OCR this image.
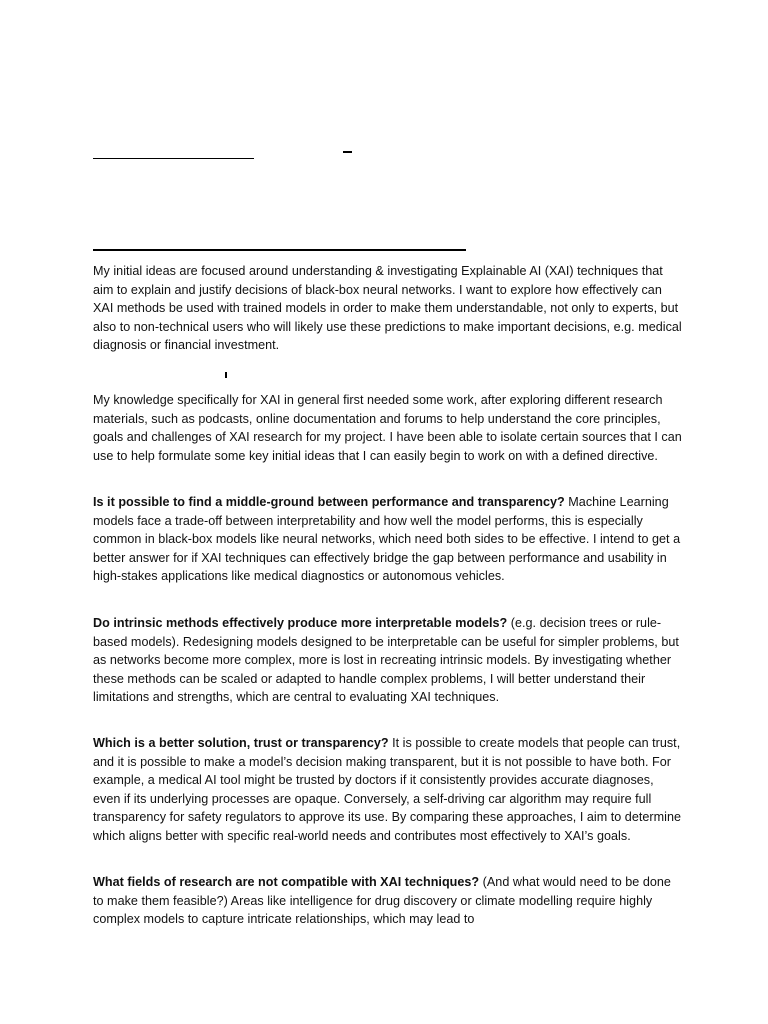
My initial ideas are focused around understanding & investigating Explainable AI (XAI) techniques that aim to explain and justify decisions of black-box neural networks. I want to explore how effectively can XAI methods be used with trained models in order to make them understandable, not only to experts, but also to non-technical users who will likely use these predictions to make important decisions, e.g. medical diagnosis or financial investment.

My knowledge specifically for XAI in general first needed some work, after exploring different research materials, such as podcasts, online documentation and forums to help understand the core principles, goals and challenges of XAI research for my project. I have been able to isolate certain sources that I can use to help formulate some key initial ideas that I can easily begin to work on with a defined directive.

Is it possible to find a middle-ground between performance and transparency? Machine Learning models face a trade-off between interpretability and how well the model performs, this is especially common in black-box models like neural networks, which need both sides to be effective. I intend to get a better answer for if XAI techniques can effectively bridge the gap between performance and usability in high-stakes applications like medical diagnostics or autonomous vehicles.

Do intrinsic methods effectively produce more interpretable models? (e.g. decision trees or rule-based models). Redesigning models designed to be interpretable can be useful for simpler problems, but as networks become more complex, more is lost in recreating intrinsic models. By investigating whether these methods can be scaled or adapted to handle complex problems, I will better understand their limitations and strengths, which are central to evaluating XAI techniques.

Which is a better solution, trust or transparency? It is possible to create models that people can trust, and it is possible to make a model’s decision making transparent, but it is not possible to have both. For example, a medical AI tool might be trusted by doctors if it consistently provides accurate diagnoses, even if its underlying processes are opaque. Conversely, a self-driving car algorithm may require full transparency for safety regulators to approve its use. By comparing these approaches, I aim to determine which aligns better with specific real-world needs and contributes most effectively to XAI’s goals.

What fields of research are not compatible with XAI techniques? (And what would need to be done to make them feasible?) Areas like intelligence for drug discovery or climate modelling require highly complex models to capture intricate relationships, which may lead to
